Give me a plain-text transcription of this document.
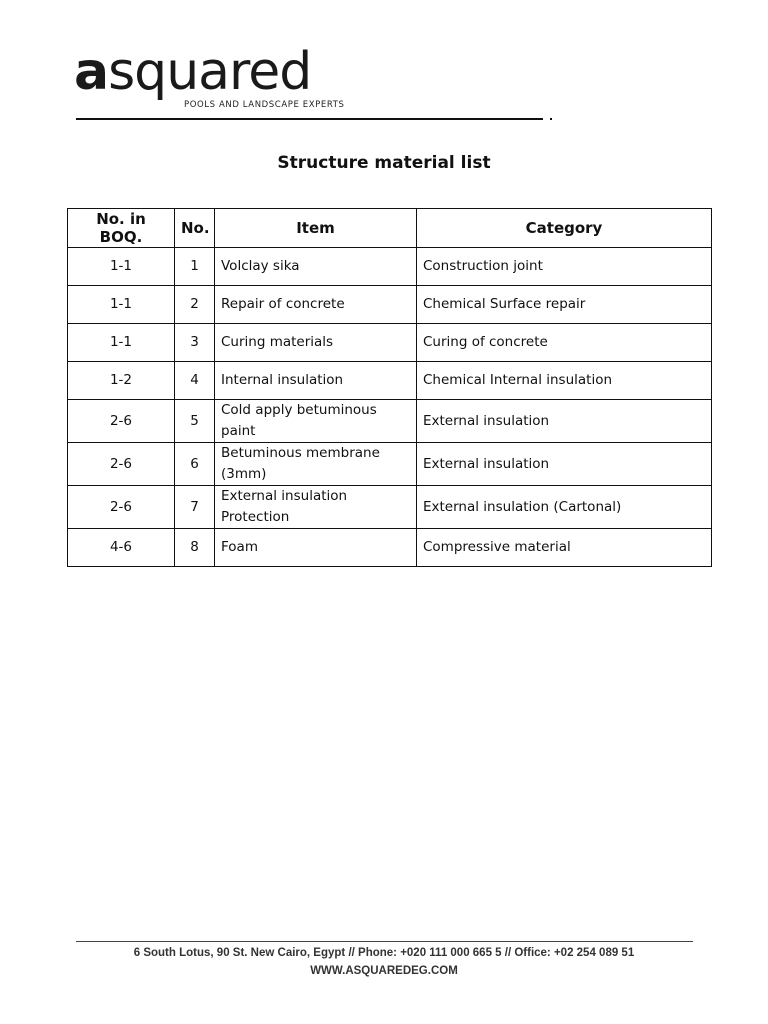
asquared
POOLS AND LANDSCAPE EXPERTS
Structure material list
No. in BOQ.	No.	Item	Category
1-1	1	Volclay sika	Construction joint
1-1	2	Repair of concrete	Chemical Surface repair
1-1	3	Curing materials	Curing of concrete
1-2	4	Internal insulation	Chemical Internal insulation
2-6	5	Cold apply betuminous paint	External insulation
2-6	6	Betuminous membrane (3mm)	External insulation
2-6	7	External insulation Protection	External insulation (Cartonal)
4-6	8	Foam	Compressive material
6 South Lotus, 90 St. New Cairo, Egypt // Phone: +020 111 000 665 5 // Office: +02 254 089 51
WWW.ASQUAREDEG.COM
